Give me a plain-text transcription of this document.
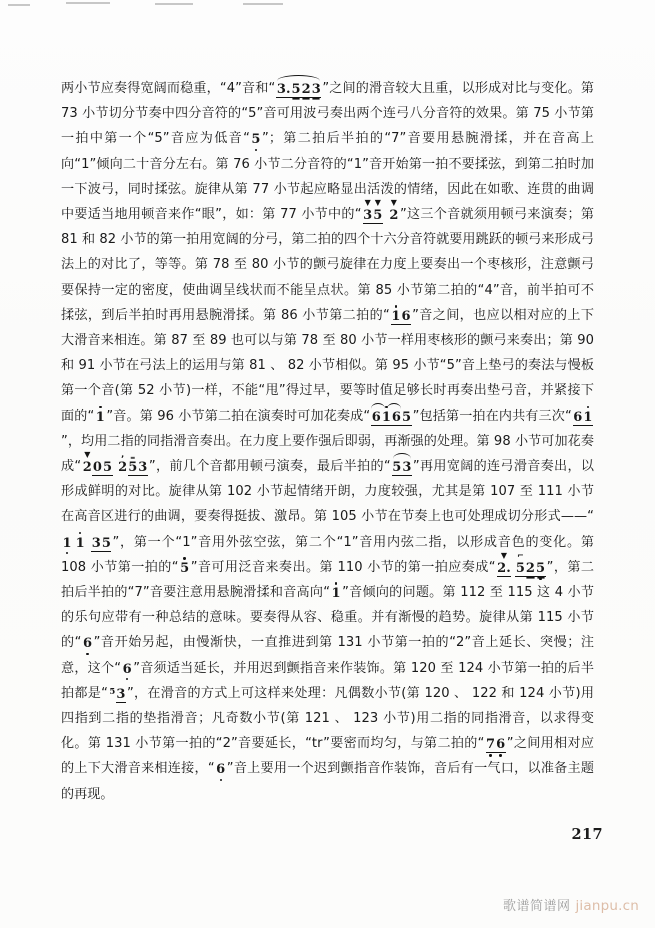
两小节应奏得宽阔而稳重，“4”音和“ 3.523 ”之间的滑音较大且重，以形成对比与变化。第 73 小节切分节奏中四分音符的“5”音可用波弓奏出两个连弓八分音符的效果。第 75 小节第一拍中第一个“5”音应为低音“ 5 ”；第二拍后半拍的“7”音要用悬腕滑揉，并在音高上向“1”倾向二十音分左右。第 76 小节二分音符的“1”音开始第一拍不要揉弦，到第二拍时加一下波弓，同时揉弦。旋律从第 77 小节起应略显出活泼的情绪，因此在如歌、连贯的曲调中要适当地用顿音来作“眼”，如：第 77 小节中的“
▼
3
▼
5
▼
2 ”这三个音就须用顿弓来演奏；第 81 和 82 小节的第一拍用宽阔的分弓，第二拍的四个十六分音符就要用跳跃的顿弓来形成弓法上的对比了，等等。第 78 至 80 小节的颤弓旋律在力度上要奏出一个枣核形，注意颤弓要保持一定的密度，使曲调呈线状而不能呈点状。第 85 小节第二拍的“4”音，前半拍可不揉弦，到后半拍时再用悬腕滑揉。第 86 小节第二拍的“ 16 ”音之间，也应以相对应的上下大滑音来相连。第 87 至 89 也可以与第 78 至 80 小节一样用枣核形的颤弓来奏出；第 90 和 91 小节在弓法上的运用与第 81 、 82 小节相似。第 95 小节“5”音上垫弓的奏法与慢板第一个音(第 52 小节)一样，不能“甩”得过早，要等时值足够长时再奏出垫弓音，并紧接下面的“ 1 ”音。第 96 小节第二拍在演奏时可加花奏成“ 6165 ”包括第一拍在内共有三次“ 61”，均用二指的同指滑音奏出。在力度上要作强后即弱，再渐强的处理。第 98 小节可加花奏成“
▼
205
,
2
‗
53 ”，前几个音都用顿弓演奏，最后半拍的“ 53 ”再用宽阔的连弓滑音奏出，以形成鲜明的对比。旋律从第 102 小节起情绪开朗，力度较强，尤其是第 107 至 111 小节在高音区进行的曲调，要奏得挺拔、激昂。第 105 小节在节奏上也可处理成切分形式——“1 1 35 ”，第一个“1”音用外弦空弦，第二个“1”音用内弦二指，以形成音色的变化。第 108 小节第一拍的“ 5 ”音可用泛音来奏出。第 110 小节的第一拍应奏成“
▼
2.
⌐
525 ”，第二拍后半拍的“7”音要注意用悬腕滑揉和音高向“ 1 ”音倾向的问题。第 112 至 115 这 4 小节的乐句应带有一种总结的意味。要奏得从容、稳重。并有渐慢的趋势。旋律从第 115 小节的“ 6 ”音开始另起，由慢渐快，一直推进到第 131 小节第一拍的“2”音上延长、突慢；注意，这个“ 6 ”音须适当延长，并用迟到颤指音来作装饰。第 120 至 124 小节第一拍的后半拍都是“ 53 ”，在滑音的方式上可这样来处理：凡偶数小节(第 120 、 122 和 124 小节)用四指到二指的垫指滑音；凡奇数小节(第 121 、 123 小节)用二指的同指滑音，以求得变化。第 131 小节第一拍的“2”音要延长，“tr”要密而均匀，与第二拍的“ 76 ”之间用相对应的上下大滑音来相连接，“ 6 ”音上要用一个迟到颤指音作装饰，音后有一气口，以准备主题的再现。

217
歌谱简谱网 jianpu.cn
